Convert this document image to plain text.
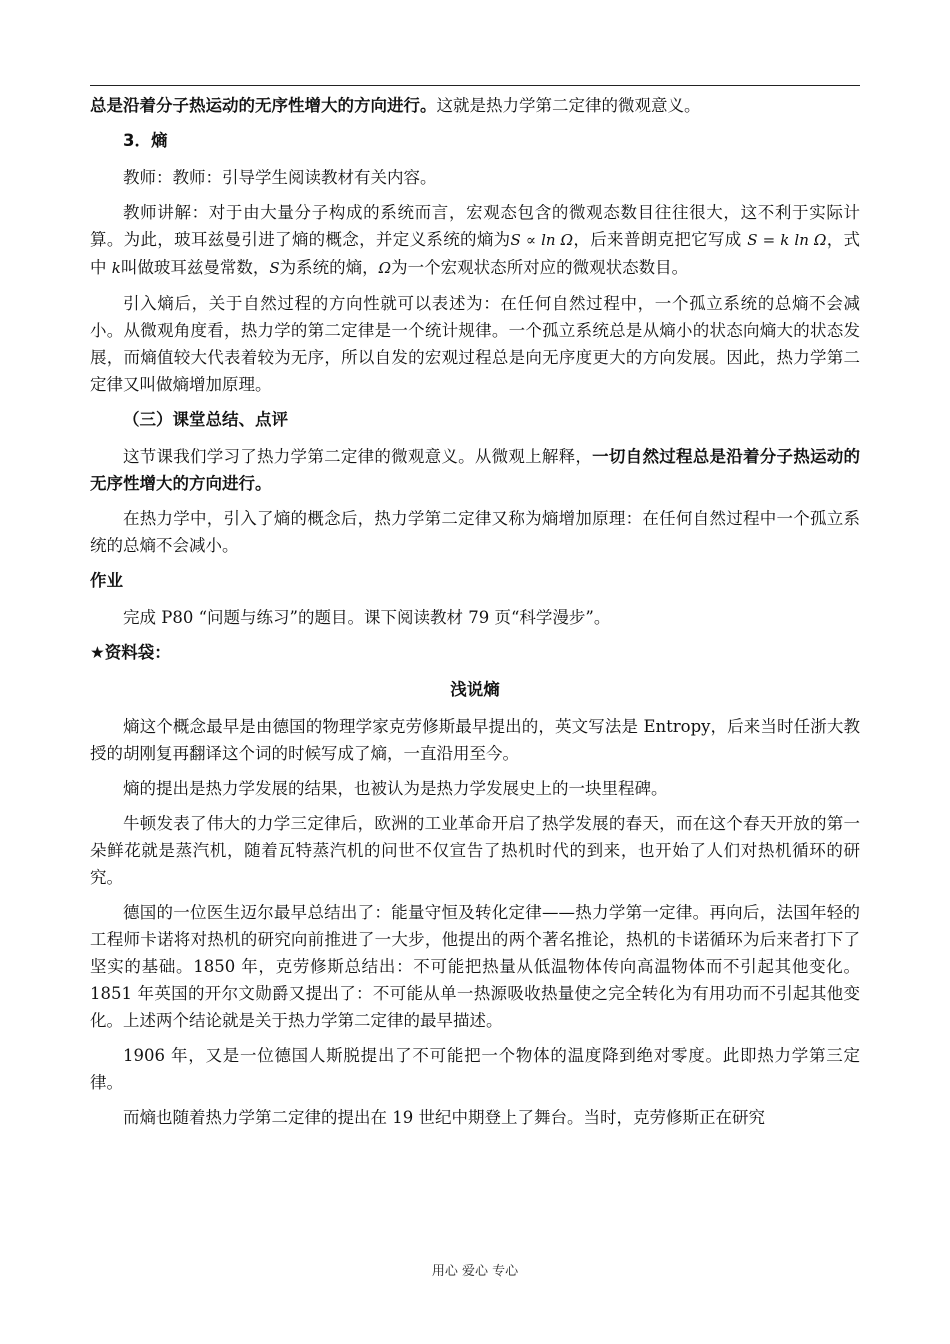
总是沿着分子热运动的无序性增大的方向进行。这就是热力学第二定律的微观意义。

3．熵

教师：教师：引导学生阅读教材有关内容。

教师讲解：对于由大量分子构成的系统而言，宏观态包含的微观态数目往往很大，这不利于实际计算。为此，玻耳兹曼引进了熵的概念，并定义系统的熵为S ∝ ln Ω，后来普朗克把它写成 S = k ln Ω，式中 k叫做玻耳兹曼常数，S为系统的熵，Ω为一个宏观状态所对应的微观状态数目。

引入熵后，关于自然过程的方向性就可以表述为：在任何自然过程中，一个孤立系统的总熵不会减小。从微观角度看，热力学的第二定律是一个统计规律。一个孤立系统总是从熵小的状态向熵大的状态发展，而熵值较大代表着较为无序，所以自发的宏观过程总是向无序度更大的方向发展。因此，热力学第二定律又叫做熵增加原理。

（三）课堂总结、点评

这节课我们学习了热力学第二定律的微观意义。从微观上解释，一切自然过程总是沿着分子热运动的无序性增大的方向进行。

在热力学中，引入了熵的概念后，热力学第二定律又称为熵增加原理：在任何自然过程中一个孤立系统的总熵不会减小。

作业

完成 P80 “问题与练习”的题目。课下阅读教材 79 页“科学漫步”。

★资料袋：

浅说熵

熵这个概念最早是由德国的物理学家克劳修斯最早提出的，英文写法是 Entropy，后来当时任浙大教授的胡刚复再翻译这个词的时候写成了熵，一直沿用至今。

熵的提出是热力学发展的结果，也被认为是热力学发展史上的一块里程碑。

牛顿发表了伟大的力学三定律后，欧洲的工业革命开启了热学发展的春天，而在这个春天开放的第一朵鲜花就是蒸汽机，随着瓦特蒸汽机的问世不仅宣告了热机时代的到来，也开始了人们对热机循环的研究。

德国的一位医生迈尔最早总结出了：能量守恒及转化定律——热力学第一定律。再向后，法国年轻的工程师卡诺将对热机的研究向前推进了一大步，他提出的两个著名推论，热机的卡诺循环为后来者打下了坚实的基础。1850 年，克劳修斯总结出：不可能把热量从低温物体传向高温物体而不引起其他变化。1851 年英国的开尔文勋爵又提出了：不可能从单一热源吸收热量使之完全转化为有用功而不引起其他变化。上述两个结论就是关于热力学第二定律的最早描述。

1906 年，又是一位德国人斯脱提出了不可能把一个物体的温度降到绝对零度。此即热力学第三定律。

而熵也随着热力学第二定律的提出在 19 世纪中期登上了舞台。当时，克劳修斯正在研究

用心 爱心 专心
